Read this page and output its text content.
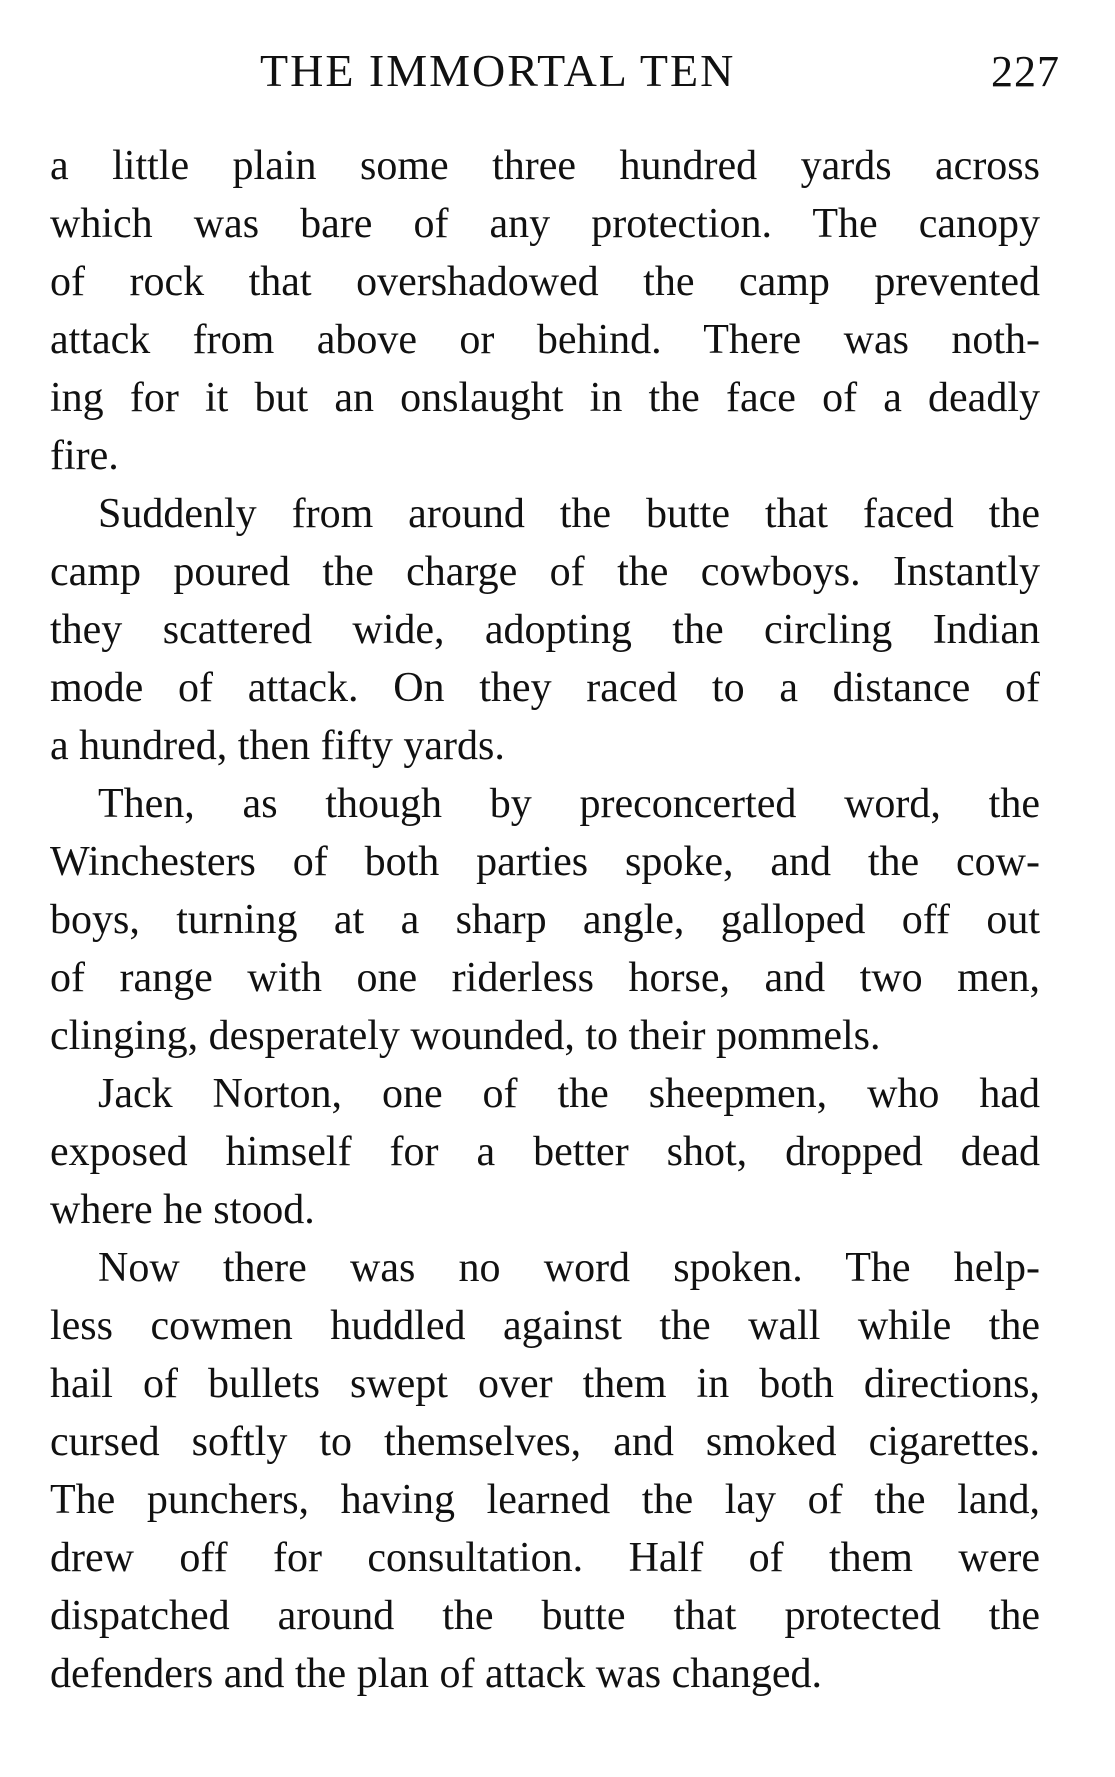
THE IMMORTAL TEN	227
a little plain some three hundred yards across
which was bare of any protection. The canopy
of rock that overshadowed the camp prevented
attack from above or behind. There was noth-
ing for it but an onslaught in the face of a deadly
fire.
Suddenly from around the butte that faced the
camp poured the charge of the cowboys. Instantly
they scattered wide, adopting the circling Indian
mode of attack. On they raced to a distance of
a hundred, then fifty yards.
Then, as though by preconcerted word, the
Winchesters of both parties spoke, and the cow-
boys, turning at a sharp angle, galloped off out
of range with one riderless horse, and two men,
clinging, desperately wounded, to their pommels.
Jack Norton, one of the sheepmen, who had
exposed himself for a better shot, dropped dead
where he stood.
Now there was no word spoken. The help-
less cowmen huddled against the wall while the
hail of bullets swept over them in both directions,
cursed softly to themselves, and smoked cigarettes.
The punchers, having learned the lay of the land,
drew off for consultation. Half of them were
dispatched around the butte that protected the
defenders and the plan of attack was changed.
